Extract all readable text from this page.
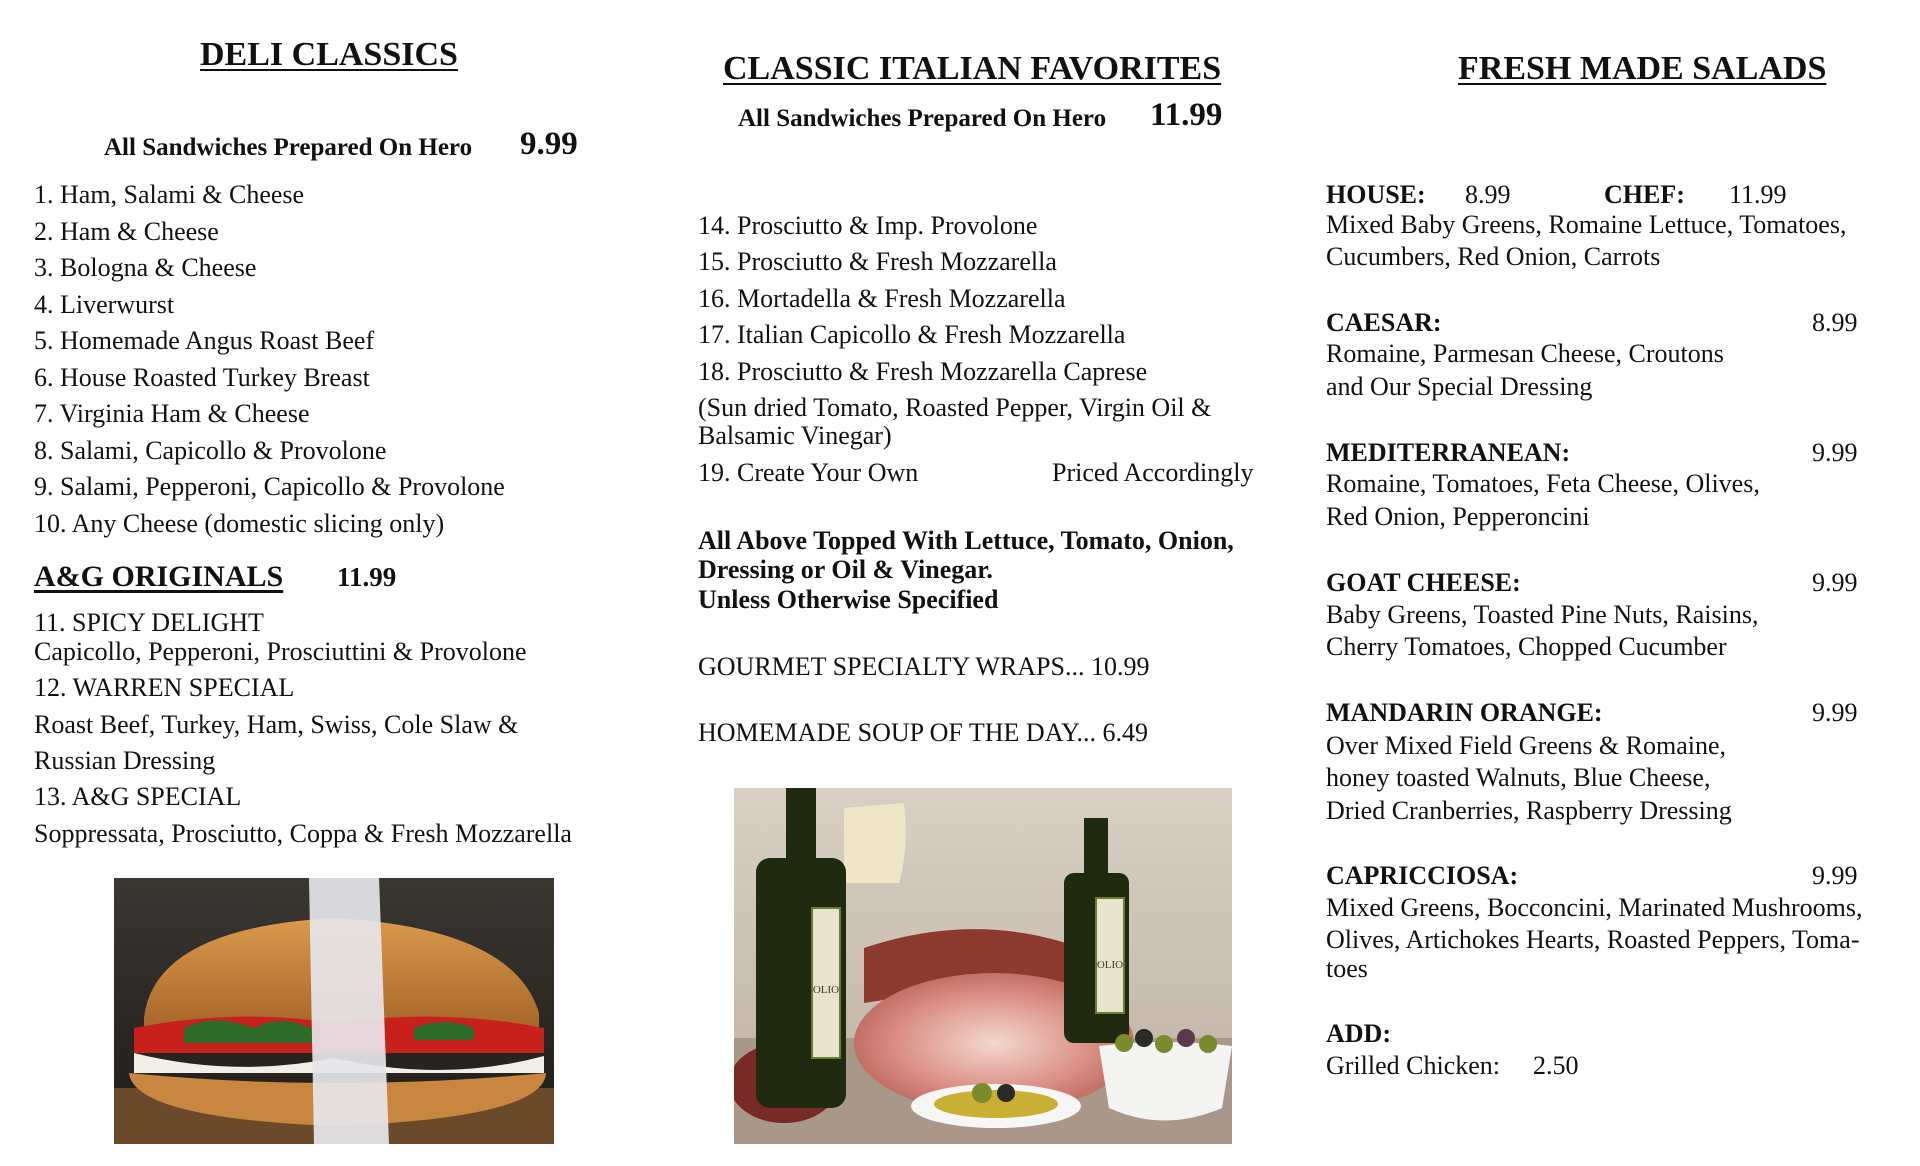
DELI CLASSICS
All Sandwiches Prepared On Hero 9.99
1. Ham, Salami & Cheese
2. Ham & Cheese
3. Bologna & Cheese
4. Liverwurst
5. Homemade Angus Roast Beef
6. House Roasted Turkey Breast
7. Virginia Ham & Cheese
8. Salami, Capicollo & Provolone
9. Salami, Pepperoni, Capicollo & Provolone
10. Any Cheese (domestic slicing only)
A&G ORIGINALS 11.99
11. SPICY DELIGHT
Capicollo, Pepperoni, Prosciuttini & Provolone
12. WARREN SPECIAL
Roast Beef, Turkey, Ham, Swiss, Cole Slaw &
Russian Dressing
13. A&G SPECIAL
Soppressata, Prosciutto, Coppa & Fresh Mozzarella
CLASSIC ITALIAN FAVORITES
All Sandwiches Prepared On Hero 11.99
14. Prosciutto & Imp. Provolone
15. Prosciutto & Fresh Mozzarella
16. Mortadella & Fresh Mozzarella
17. Italian Capicollo & Fresh Mozzarella
18. Prosciutto & Fresh Mozzarella Caprese
(Sun dried Tomato, Roasted Pepper, Virgin Oil &
Balsamic Vinegar)
19. Create Your Own	Priced Accordingly
All Above Topped With Lettuce, Tomato, Onion,
Dressing or Oil & Vinegar.
Unless Otherwise Specified
GOURMET SPECIALTY WRAPS... 10.99
HOMEMADE SOUP OF THE DAY... 6.49
OLIO
OLIO
FRESH MADE SALADS
HOUSE: 8.99	CHEF: 11.99
Mixed Baby Greens, Romaine Lettuce, Tomatoes,
Cucumbers, Red Onion, Carrots
CAESAR:	8.99
Romaine, Parmesan Cheese, Croutons
and Our Special Dressing
MEDITERRANEAN:	9.99
Romaine, Tomatoes, Feta Cheese, Olives,
Red Onion, Pepperoncini
GOAT CHEESE:	9.99
Baby Greens, Toasted Pine Nuts, Raisins,
Cherry Tomatoes, Chopped Cucumber
MANDARIN ORANGE:	9.99
Over Mixed Field Greens & Romaine,
honey toasted Walnuts, Blue Cheese,
Dried Cranberries, Raspberry Dressing
CAPRICCIOSA:	9.99
Mixed Greens, Bocconcini, Marinated Mushrooms,
Olives, Artichokes Hearts, Roasted Peppers, Toma-
toes
ADD:
Grilled Chicken: 2.50
